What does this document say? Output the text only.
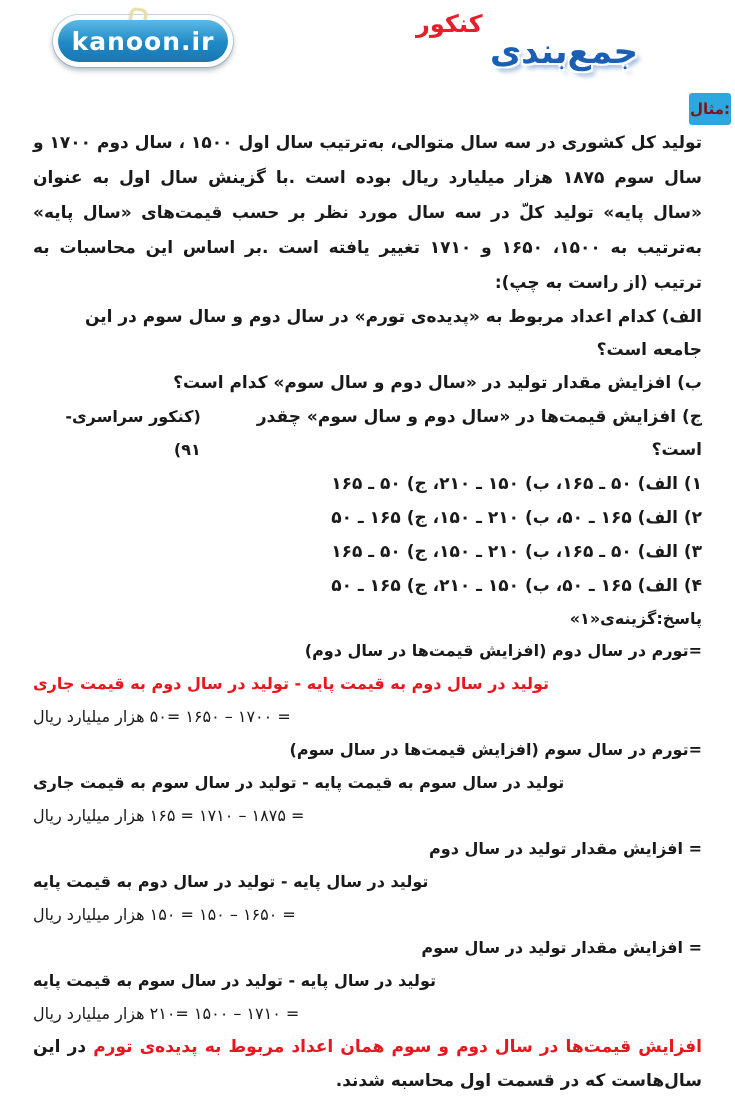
kanoon.ir
کنکور
جمع‌بندی
مثال:

تولید کل کشوری در سه سال متوالی، به‌ترتیب سال اول ۱۵۰۰ ، سال دوم ۱۷۰۰ و سال سوم ۱۸۷۵ هزار میلیارد ریال بوده است .با گزینش سال اول به عنوان «سال پایه» تولید کلّ در سه سال مورد نظر بر حسب قیمت‌های «سال پایه» به‌ترتیب به ۱۵۰۰، ۱۶۵۰ و ۱۷۱۰ تغییر یافته است .بر اساس این محاسبات به ترتیب (از راست به چپ):

الف) کدام اعداد مربوط به «پدیده‌ی تورم» در سال دوم و سال سوم در این جامعه است؟

ب) افزایش مقدار تولید در «سال دوم و سال سوم» کدام است؟

ج) افزایش قیمت‌ها در «سال دوم و سال سوم» چقدر است؟
(کنکور سراسری- ۹۱)

۱) الف) ۵۰ ـ ۱۶۵، ب) ۱۵۰ ـ ۲۱۰، ج) ۵۰ ـ ۱۶۵

۲) الف) ۱۶۵ ـ ۵۰، ب) ۲۱۰ ـ ۱۵۰، ج) ۱۶۵ ـ ۵۰

۳) الف) ۵۰ ـ ۱۶۵، ب) ۲۱۰ ـ ۱۵۰، ج) ۵۰ ـ ۱۶۵

۴) الف) ۱۶۵ ـ ۵۰، ب) ۱۵۰ ـ ۲۱۰، ج) ۱۶۵ ـ ۵۰

پاسخ:گزینه‌ی«۱»

=تورم در سال دوم (افزایش قیمت‌ها در سال دوم)

تولید در سال دوم به قیمت پایه - تولید در سال دوم به قیمت جاری

= ۱۷۰۰ – ۱۶۵۰ =۵۰ هزار میلیارد ریال

=تورم در سال سوم (افزایش قیمت‌ها در سال سوم)

تولید در سال سوم به قیمت پایه - تولید در سال سوم به قیمت جاری

= ۱۸۷۵ – ۱۷۱۰ = ۱۶۵ هزار میلیارد ریال

= افزایش مقدار تولید در سال دوم

تولید در سال پایه - تولید در سال دوم به قیمت پایه

= ۱۶۵۰ – ۱۵۰ = ۱۵۰ هزار میلیارد ریال

= افزایش مقدار تولید در سال سوم

تولید در سال پایه - تولید در سال سوم به قیمت پایه

= ۱۷۱۰ – ۱۵۰۰ =۲۱۰ هزار میلیارد ریال

افزایش قیمت‌ها در سال دوم و سوم همان اعداد مربوط به پدیده‌ی تورم در این سال‌هاست که در قسمت اول محاسبه شدند.
